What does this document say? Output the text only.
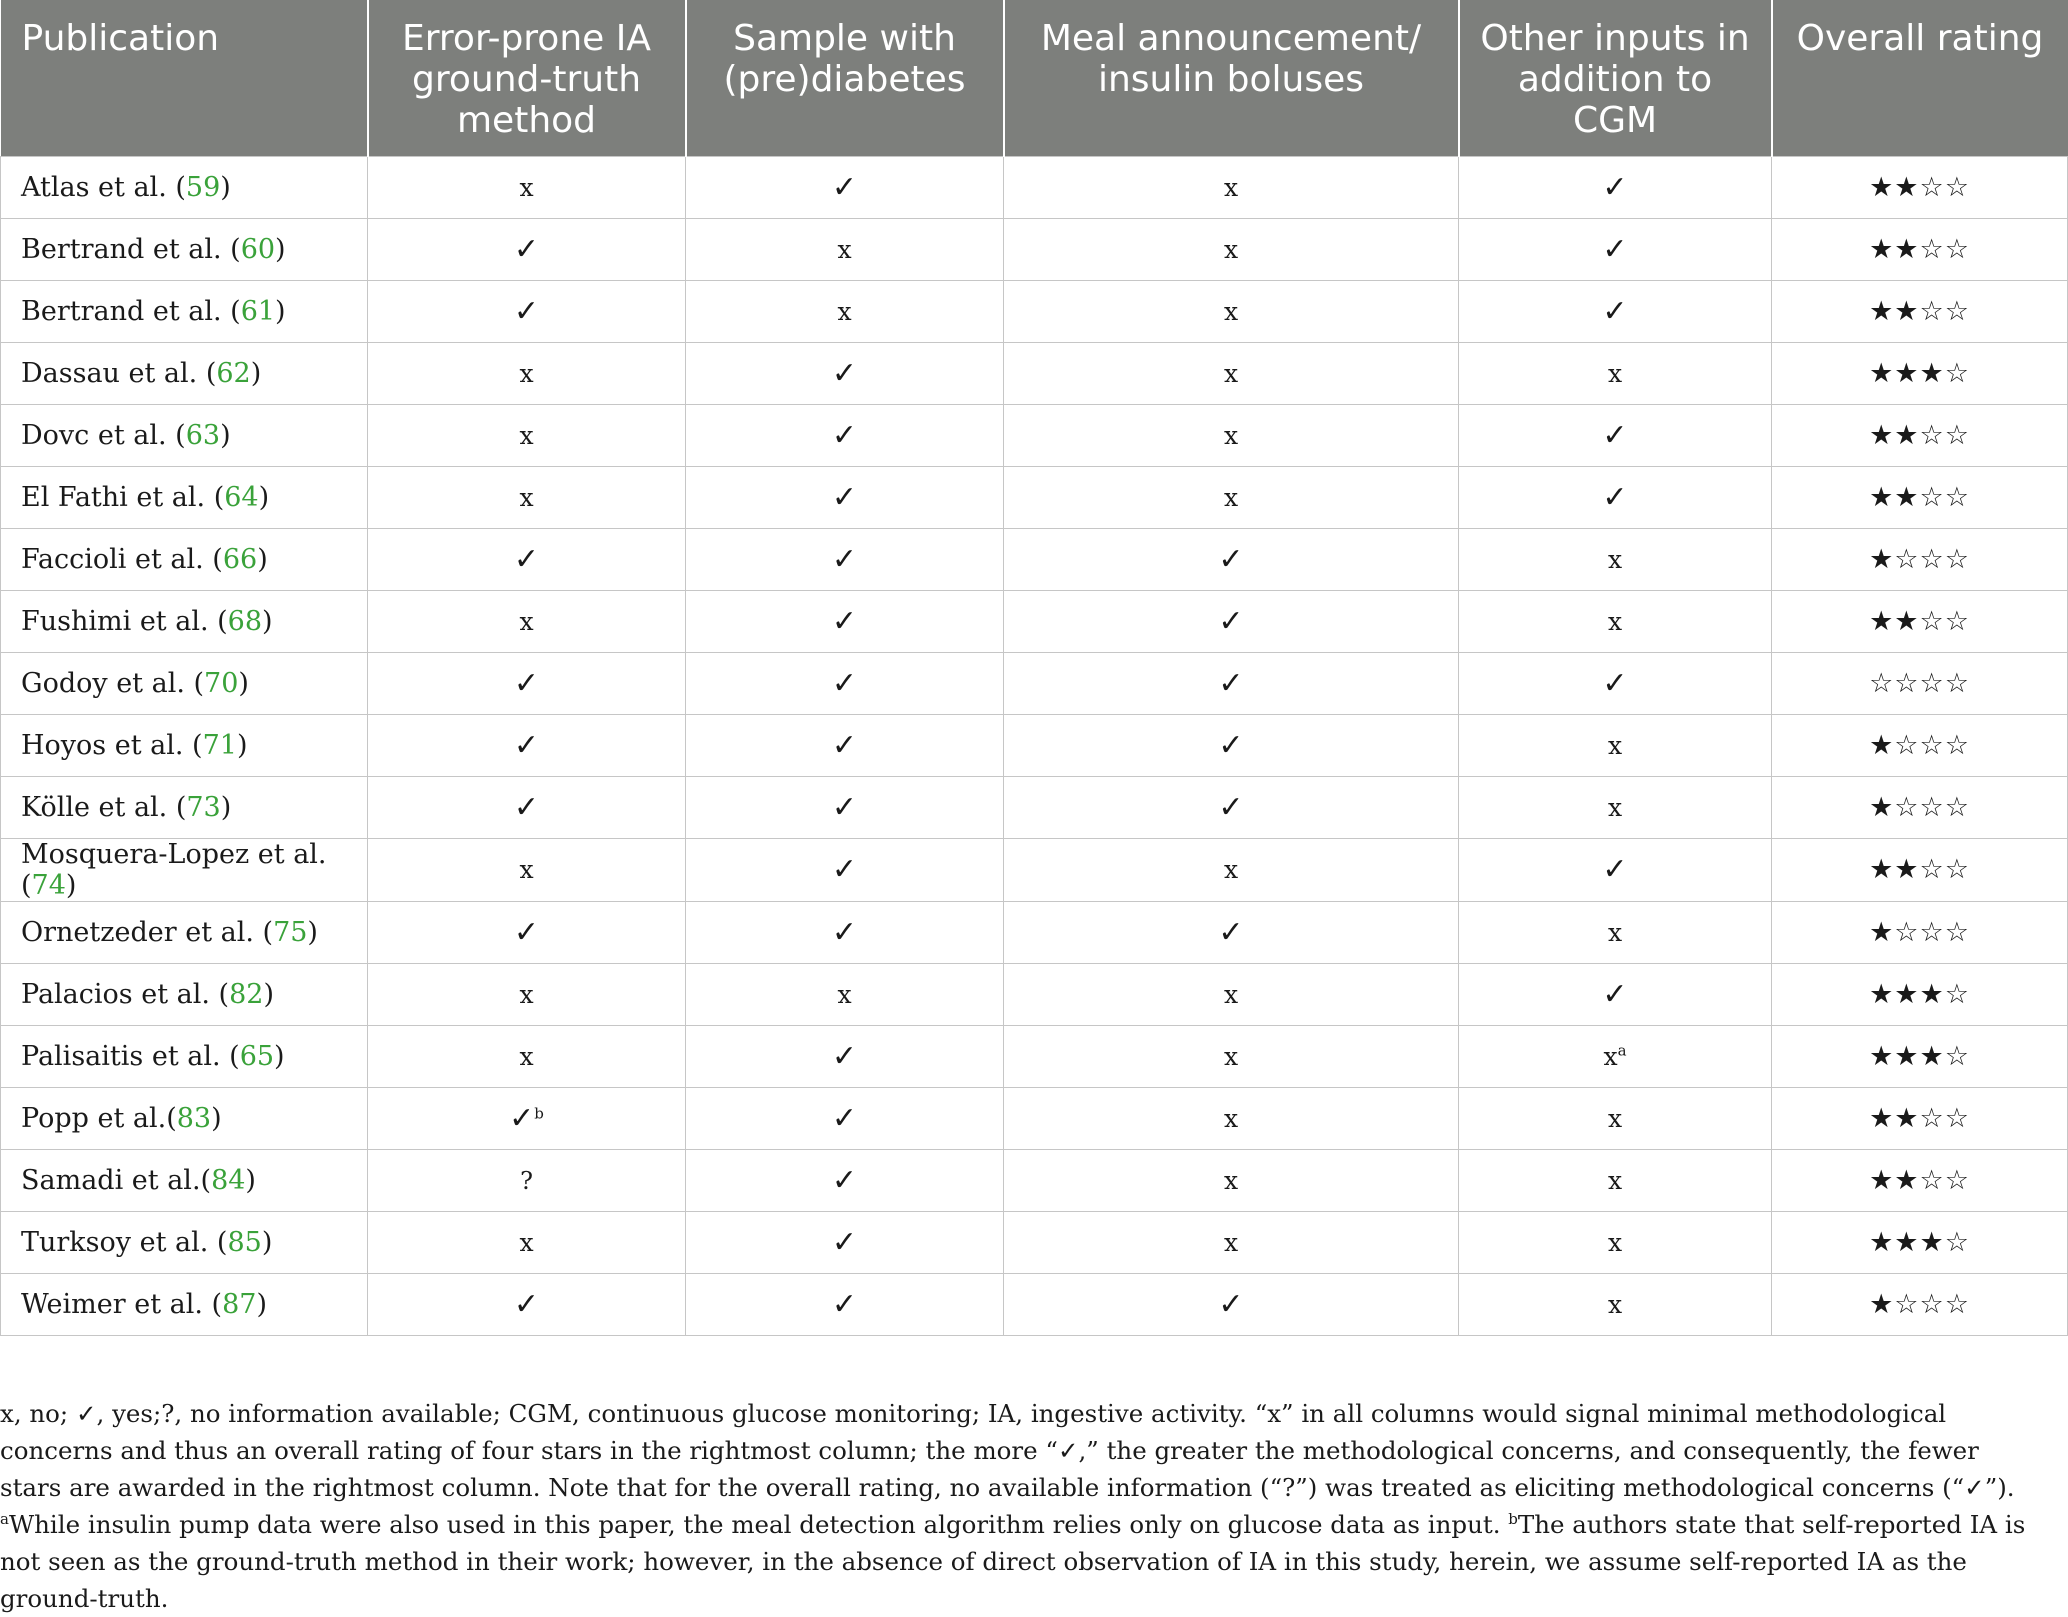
Publication	Error-prone IA ground-truth method	Sample with (pre)diabetes	Meal announcement/ insulin boluses	Other inputs in addition to CGM	Overall rating
Atlas et al. (59)	x	✓	x	✓	★★☆☆
Bertrand et al. (60)	✓	x	x	✓	★★☆☆
Bertrand et al. (61)	✓	x	x	✓	★★☆☆
Dassau et al. (62)	x	✓	x	x	★★★☆
Dovc et al. (63)	x	✓	x	✓	★★☆☆
El Fathi et al. (64)	x	✓	x	✓	★★☆☆
Faccioli et al. (66)	✓	✓	✓	x	★☆☆☆
Fushimi et al. (68)	x	✓	✓	x	★★☆☆
Godoy et al. (70)	✓	✓	✓	✓	☆☆☆☆
Hoyos et al. (71)	✓	✓	✓	x	★☆☆☆
Kölle et al. (73)	✓	✓	✓	x	★☆☆☆
Mosquera-Lopez et al. (74)	x	✓	x	✓	★★☆☆
Ornetzeder et al. (75)	✓	✓	✓	x	★☆☆☆
Palacios et al. (82)	x	x	x	✓	★★★☆
Palisaitis et al. (65)	x	✓	x	$x^a$	★★★☆
Popp et al.(83)	✓$^b$	✓	x	x	★★☆☆
Samadi et al.(84)	?	✓	x	x	★★☆☆
Turksoy et al. (85)	x	✓	x	x	★★★☆
Weimer et al. (87)	✓	✓	✓	x	★☆☆☆

x, no; ✓, yes;?, no information available; CGM, continuous glucose monitoring; IA, ingestive activity. “x” in all columns would signal minimal methodological concerns and thus an overall rating of four stars in the rightmost column; the more “✓,” the greater the methodological concerns, and consequently, the fewer stars are awarded in the rightmost column. Note that for the overall rating, no available information (“?”) was treated as eliciting methodological concerns (“✓”). $^a$While insulin pump data were also used in this paper, the meal detection algorithm relies only on glucose data as input. $^b$The authors state that self-reported IA is not seen as the ground-truth method in their work; however, in the absence of direct observation of IA in this study, herein, we assume self-reported IA as the ground-truth.
